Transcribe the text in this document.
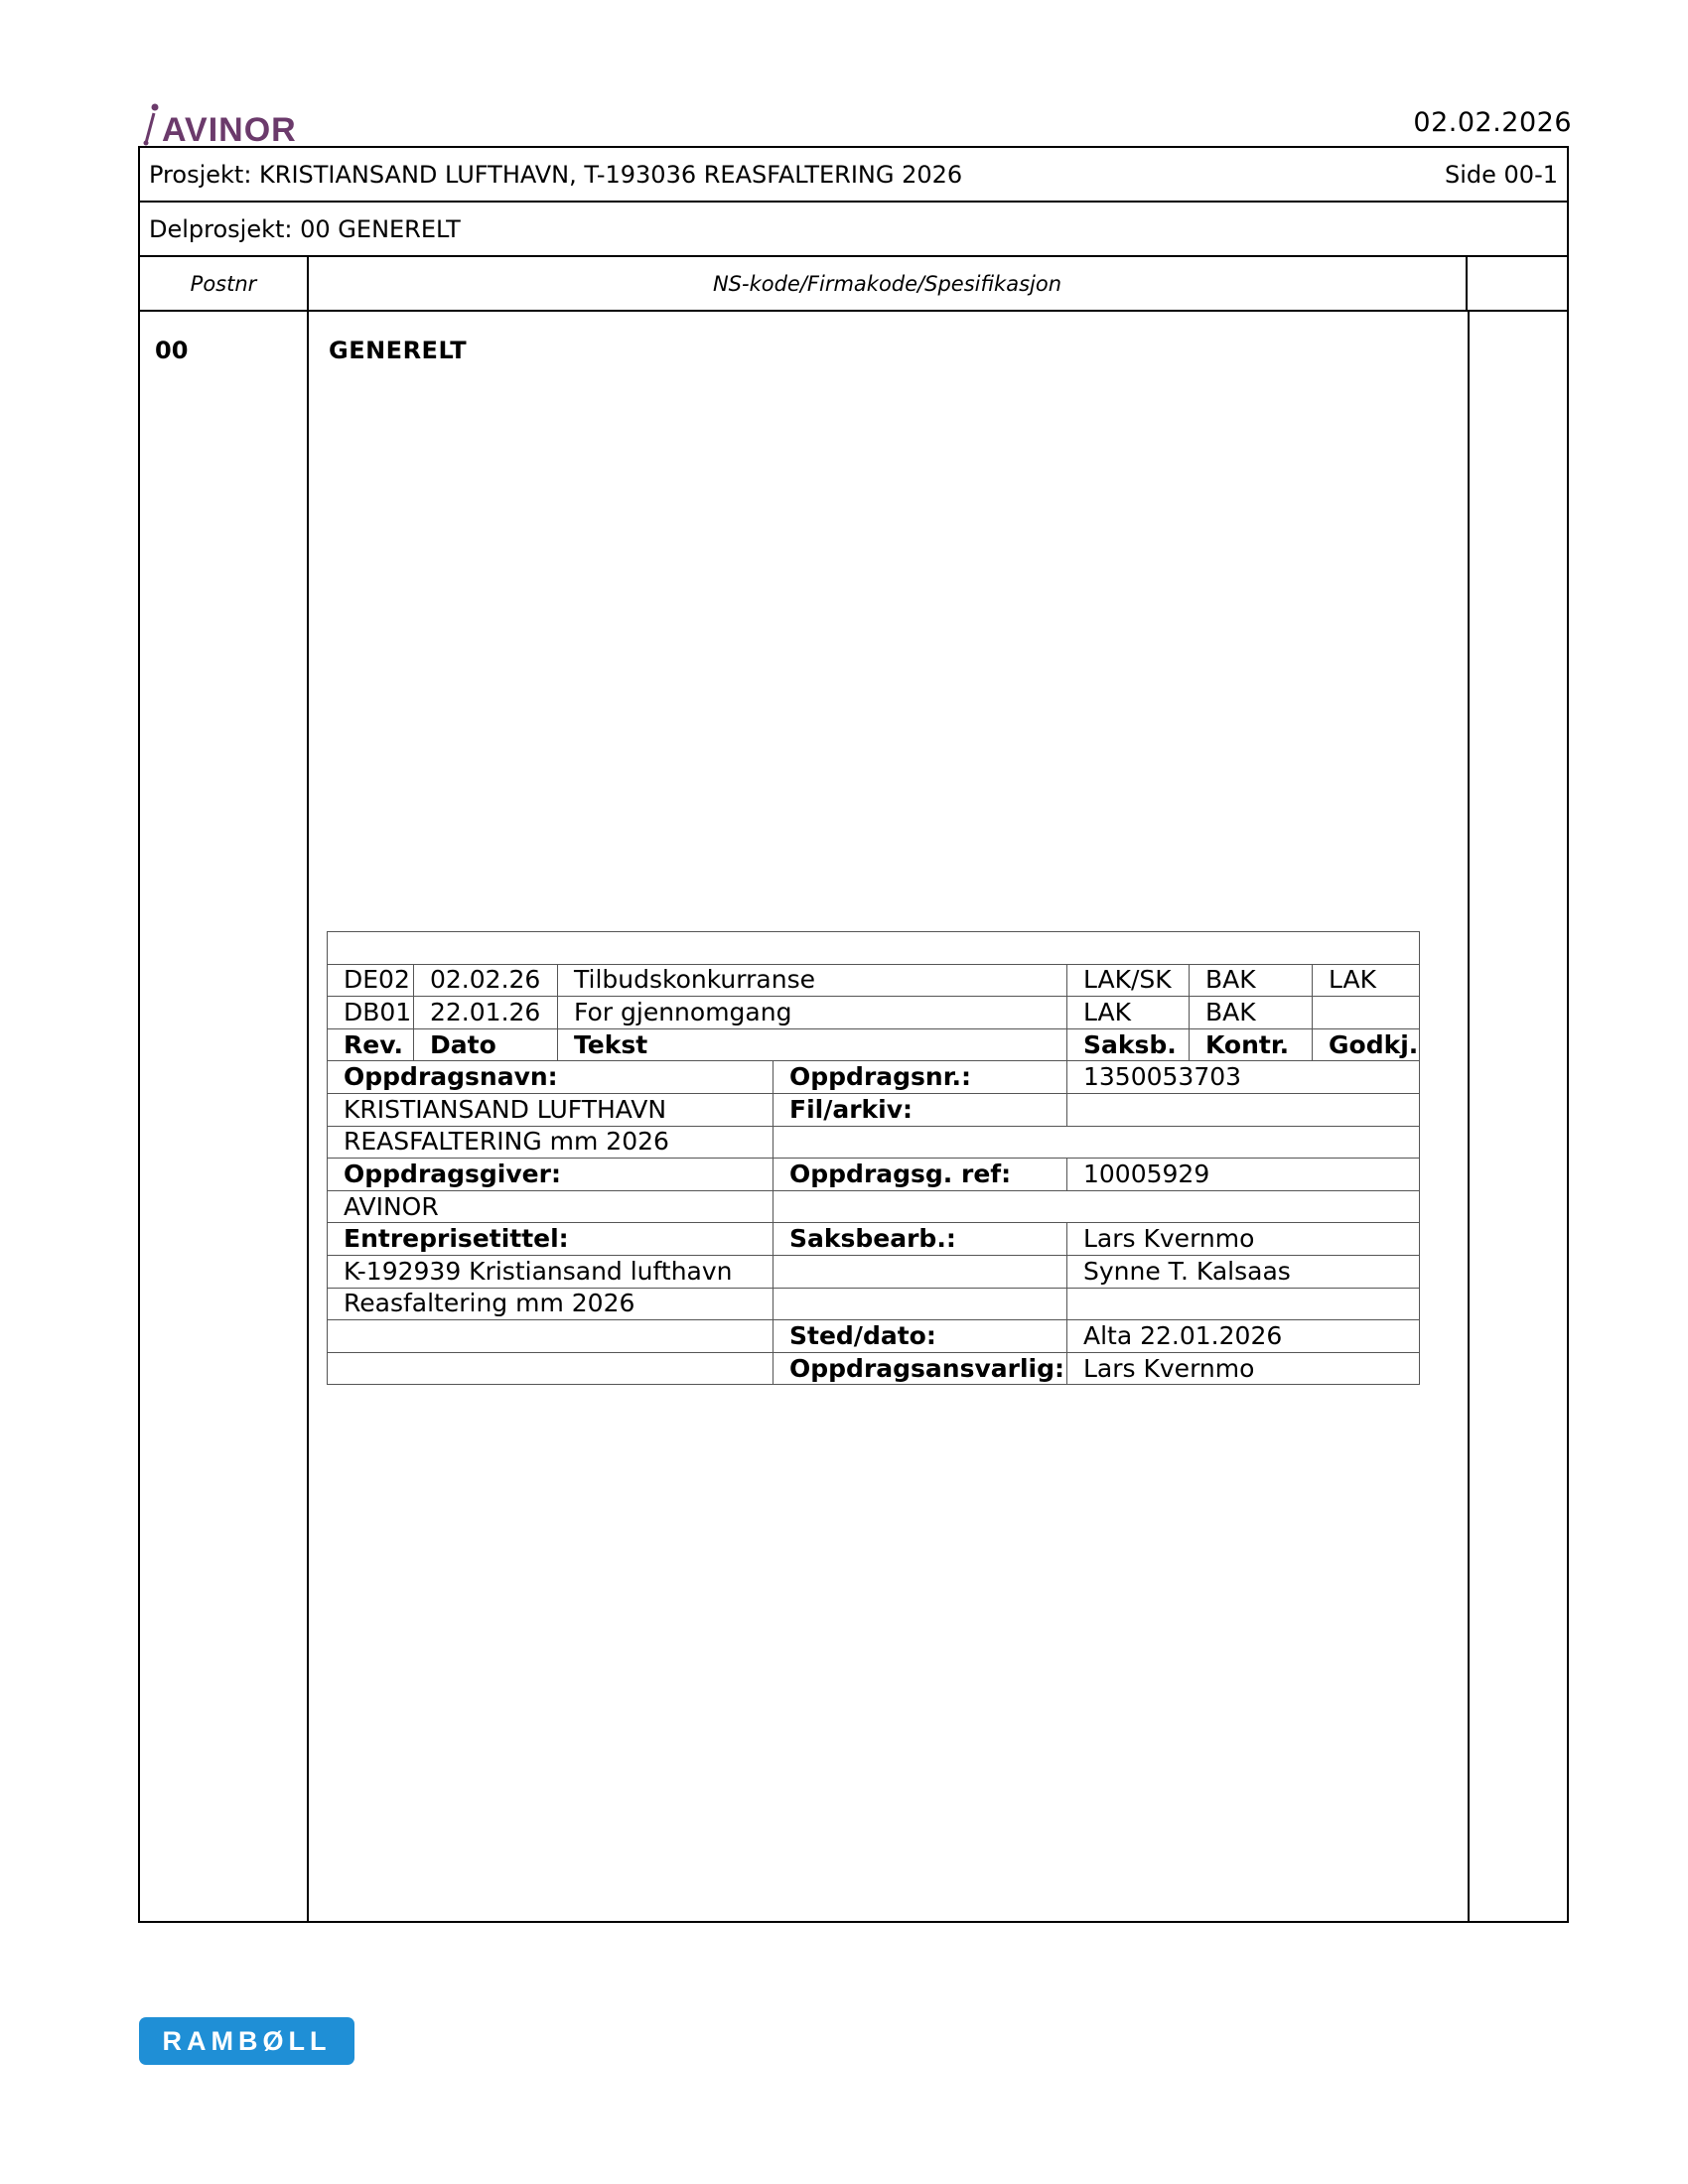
AVINOR	02.02.2026
Prosjekt: KRISTIANSAND LUFTHAVN, T-193036 REASFALTERING 2026	Side 00-1
Delprosjekt: 00 GENERELT
Postnr	NS-kode/Firmakode/Spesifikasjon
00	GENERELT

DE02	02.02.26	Tilbudskonkurranse		LAK/SK	BAK	LAK
DB01	22.01.26	For gjennomgang		LAK	BAK	
Rev.	Dato	Tekst		Saksb.	Kontr.	Godkj.
Oppdragsnavn:			Oppdragsnr.:	1350053703		
KRISTIANSAND LUFTHAVN			Fil/arkiv:			
REASFALTERING mm 2026						
Oppdragsgiver:			Oppdragsg. ref:	10005929		
AVINOR						
Entreprisetittel:			Saksbearb.:	Lars Kvernmo		
K-192939 Kristiansand lufthavn				Synne T. Kalsaas		
Reasfaltering mm 2026						
			Sted/dato:	Alta 22.01.2026		
			Oppdragsansvarlig:	Lars Kvernmo		
RAMBØLL
